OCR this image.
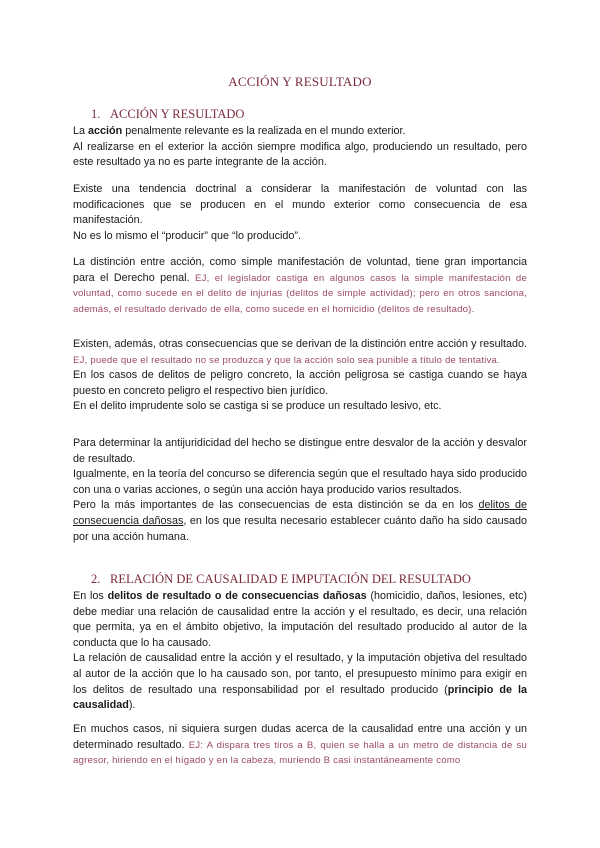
ACCIÓN Y RESULTADO
1. ACCIÓN Y RESULTADO
La acción penalmente relevante es la realizada en el mundo exterior.
Al realizarse en el exterior la acción siempre modifica algo, produciendo un resultado, pero este resultado ya no es parte integrante de la acción.
Existe una tendencia doctrinal a considerar la manifestación de voluntad con las modificaciones que se producen en el mundo exterior como consecuencia de esa manifestación.
No es lo mismo el “producir” que “lo producido”.
La distinción entre acción, como simple manifestación de voluntad, tiene gran importancia para el Derecho penal. EJ, el legislador castiga en algunos casos la simple manifestación de voluntad, como sucede en el delito de injurias (delitos de simple actividad); pero en otros sanciona, además, el resultado derivado de ella, como sucede en el homicidio (delitos de resultado).
Existen, además, otras consecuencias que se derivan de la distinción entre acción y resultado. EJ, puede que el resultado no se produzca y que la acción solo sea punible a título de tentativa.
En los casos de delitos de peligro concreto, la acción peligrosa se castiga cuando se haya puesto en concreto peligro el respectivo bien jurídico.
En el delito imprudente solo se castiga si se produce un resultado lesivo, etc.
Para determinar la antijuridicidad del hecho se distingue entre desvalor de la acción y desvalor de resultado.
Igualmente, en la teoría del concurso se diferencia según que el resultado haya sido producido con una o varias acciones, o según una acción haya producido varios resultados.
Pero la más importantes de las consecuencias de esta distinción se da en los delitos de consecuencia dañosas, en los que resulta necesario establecer cuánto daño ha sido causado por una acción humana.
2. RELACIÓN DE CAUSALIDAD E IMPUTACIÓN DEL RESULTADO
En los delitos de resultado o de consecuencias dañosas (homicidio, daños, lesiones, etc) debe mediar una relación de causalidad entre la acción y el resultado, es decir, una relación que permita, ya en el ámbito objetivo, la imputación del resultado producido al autor de la conducta que lo ha causado.
La relación de causalidad entre la acción y el resultado, y la imputación objetiva del resultado al autor de la acción que lo ha causado son, por tanto, el presupuesto mínimo para exigir en los delitos de resultado una responsabilidad por el resultado producido (principio de la causalidad).
En muchos casos, ni siquiera surgen dudas acerca de la causalidad entre una acción y un determinado resultado. EJ: A dispara tres tiros a B, quien se halla a un metro de distancia de su agresor, hiriendo en el hígado y en la cabeza, muriendo B casi instantáneamente como
